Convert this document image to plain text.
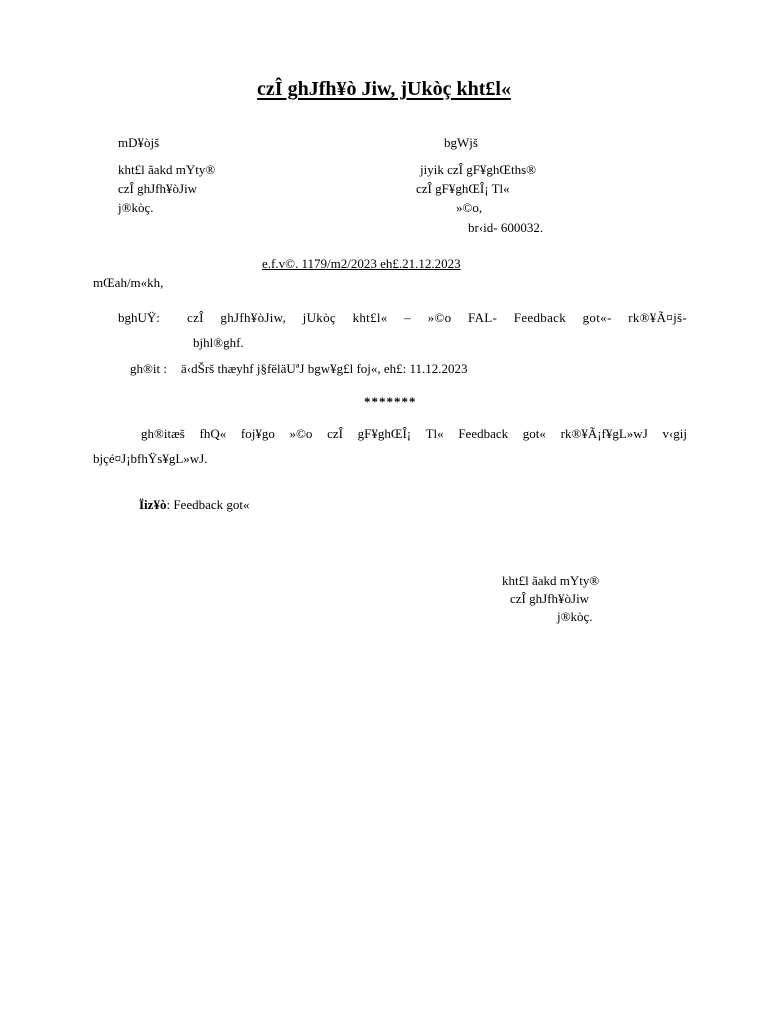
czÎ ghJfh¥ò Jiw, jUkòç kht£l«
mD¥òjš
kht£l ãakd mYty®
czÎ ghJfh¥òJiw
j®kòç.
bgWjš
jiyik czÎ gF¥ghŒths®
czÎ gF¥ghŒÎ¡ Tl«
»©o,
br‹id- 600032.
e.f.v©. 1179/m2/2023 eh£.21.12.2023
mŒah/m«kh,
bghUŸ: czÎ ghJfh¥òJiw, jUkòç kht£l« – »©o FAL- Feedback got«- rk®¥Ã¤jš-
bjhl®ghf.
gh®it : ä‹dŠrš thæyhf j§fëläUªJ bgw¥g£l foj«, eh£: 11.12.2023
*******
gh®itæš fhQ« foj¥go »©o czÎ gF¥ghŒÎ¡ Tl« Feedback got« rk®¥Ã¡f¥gL»wJ v‹gij bjçé¤J¡bfhŸs¥gL»wJ.
Ïiz¥ò: Feedback got«
kht£l ãakd mYty®
czÎ ghJfh¥òJiw
j®kòç.
